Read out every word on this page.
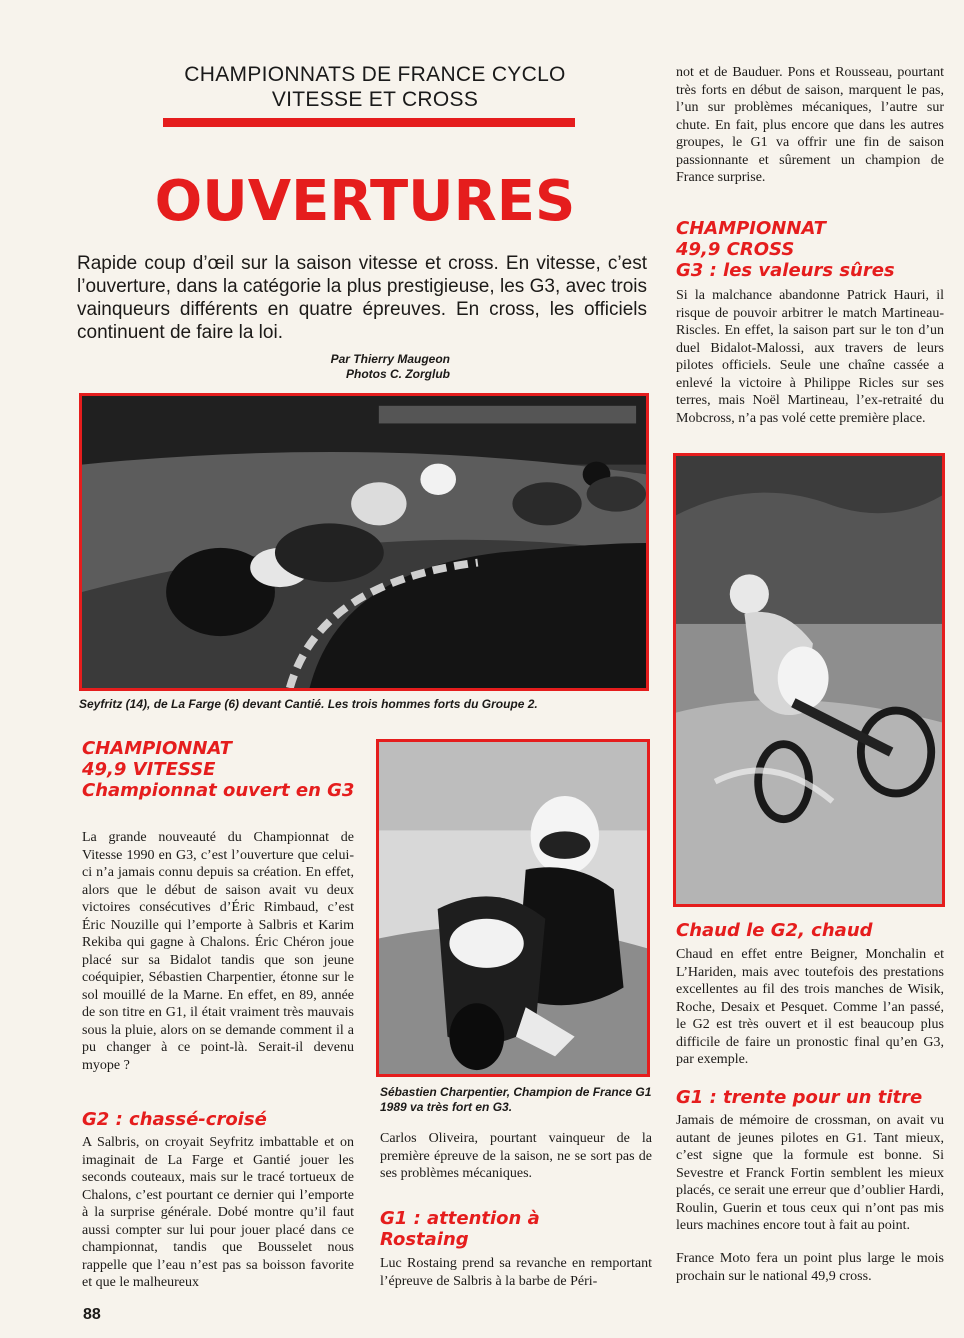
CHAMPIONNATS DE FRANCE CYCLO
VITESSE ET CROSS
OUVERTURES
Rapide coup d’œil sur la saison vitesse et cross. En vitesse, c’est l’ouverture, dans la catégorie la plus prestigieuse, les G3, avec trois vainqueurs différents en quatre épreuves. En cross, les officiels continuent de faire la loi.
Par Thierry Maugeon
Photos C. Zorglub
Seyfritz (14), de La Farge (6) devant Cantié. Les trois hommes forts du Groupe 2.
CHAMPIONNAT
49,9 VITESSE
Championnat ouvert en G3
La grande nouveauté du Championnat de Vitesse 1990 en G3, c’est l’ouverture que celui-ci n’a jamais connu depuis sa création. En effet, alors que le début de saison avait vu deux victoires consécutives d’Éric Rimbaud, c’est Éric Nouzille qui l’emporte à Salbris et Karim Rekiba qui gagne à Chalons. Éric Chéron joue placé sur sa Bidalot tandis que son jeune coéquipier, Sébastien Charpentier, étonne sur le sol mouillé de la Marne. En effet, en 89, année de son titre en G1, il était vraiment très mauvais sous la pluie, alors on se demande comment il a pu changer à ce point-là. Serait-il devenu myope ?
G2 : chassé-croisé
A Salbris, on croyait Seyfritz imbattable et on imaginait de La Farge et Gantié jouer les seconds couteaux, mais sur le tracé tortueux de Chalons, c’est pourtant ce dernier qui l’emporte à la surprise générale. Dobé montre qu’il faut aussi compter sur lui pour jouer placé dans ce championnat, tandis que Bousselet nous rappelle que l’eau n’est pas sa boisson favorite et que le malheureux
Sébastien Charpentier, Champion de France G1 1989 va très fort en G3.
Carlos Oliveira, pourtant vainqueur de la première épreuve de la saison, ne se sort pas de ses problèmes mécaniques.
G1 : attention à Rostaing
Luc Rostaing prend sa revanche en remportant l’épreuve de Salbris à la barbe de Péri-
not et de Bauduer. Pons et Rousseau, pourtant très forts en début de saison, marquent le pas, l’un sur problèmes mécaniques, l’autre sur chute. En fait, plus encore que dans les autres groupes, le G1 va offrir une fin de saison passionnante et sûrement un champion de France surprise.
CHAMPIONNAT
49,9 CROSS
G3 : les valeurs sûres
Si la malchance abandonne Patrick Hauri, il risque de pouvoir arbitrer le match Martineau-Riscles. En effet, la saison part sur le ton d’un duel Bidalot-Malossi, aux travers de leurs pilotes officiels. Seule une chaîne cassée a enlevé la victoire à Philippe Ricles sur ses terres, mais Noël Martineau, l’ex-retraité du Mobcross, n’a pas volé cette première place.
Chaud le G2, chaud
Chaud en effet entre Beigner, Monchalin et L’Hariden, mais avec toutefois des prestations excellentes au fil des trois manches de Wisik, Roche, Desaix et Pesquet. Comme l’an passé, le G2 est très ouvert et il est beaucoup plus difficile de faire un pronostic final qu’en G3, par exemple.
G1 : trente pour un titre
Jamais de mémoire de crossman, on avait vu autant de jeunes pilotes en G1. Tant mieux, c’est signe que la formule est bonne. Si Sevestre et Franck Fortin semblent les mieux placés, ce serait une erreur que d’oublier Hardi, Roulin, Guerin et tous ceux qui n’ont pas mis leurs machines encore tout à fait au point.
France Moto fera un point plus large le mois prochain sur le national 49,9 cross.
88
